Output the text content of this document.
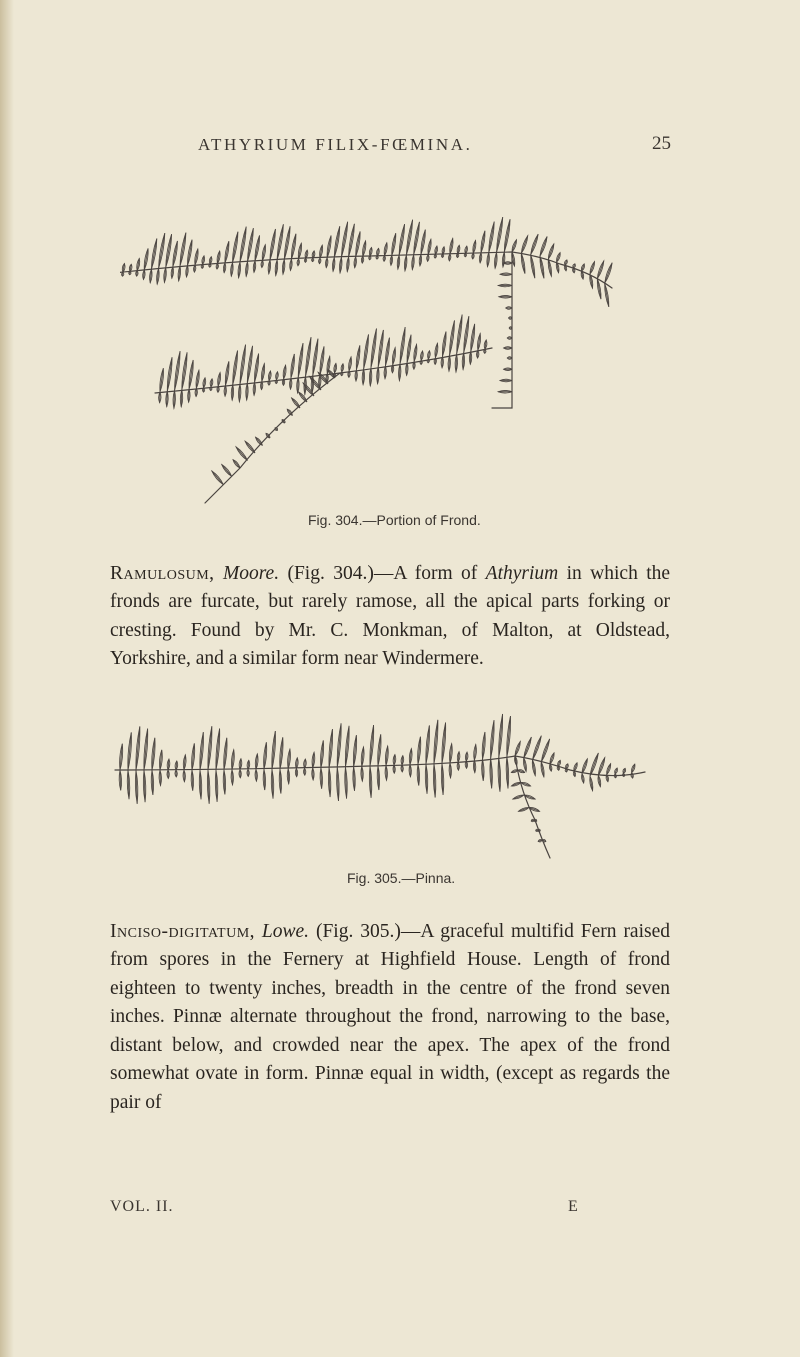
ATHYRIUM FILIX-FŒMINA.	25
Fig. 304.—Portion of Frond.

Ramulosum, Moore. (Fig. 304.)—A form of Athyrium in which the fronds are furcate, but rarely ramose, all the apical parts forking or cresting. Found by Mr. C. Monkman, of Malton, at Oldstead, Yorkshire, and a similar form near Windermere.

Fig. 305.—Pinna.

Inciso-digitatum, Lowe. (Fig. 305.)—A graceful multifid Fern raised from spores in the Fernery at Highfield House. Length of frond eighteen to twenty inches, breadth in the centre of the frond seven inches. Pinnæ alternate throughout the frond, narrowing to the base, distant below, and crowded near the apex. The apex of the frond somewhat ovate in form. Pinnæ equal in width, (except as regards the pair of

VOL. II.	E
